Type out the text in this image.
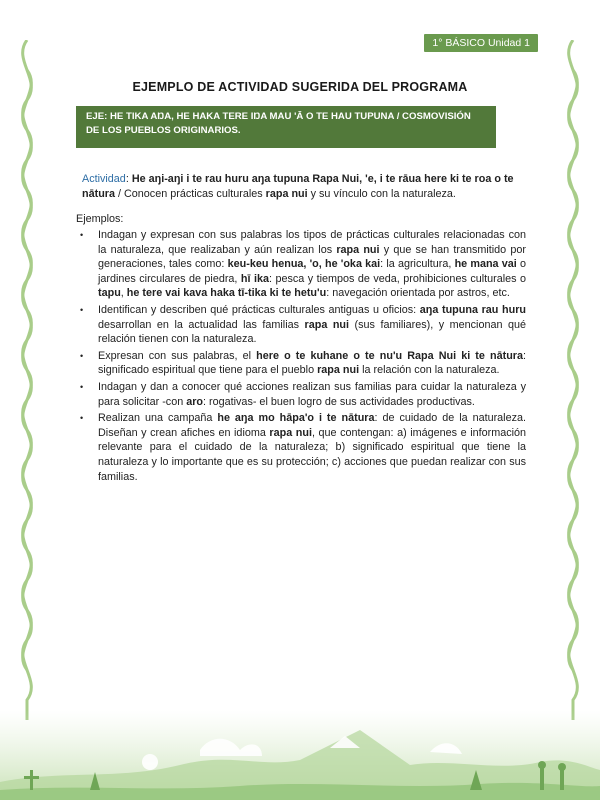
1° BÁSICO Unidad 1
EJEMPLO DE ACTIVIDAD SUGERIDA DEL PROGRAMA
EJE: HE TIKA AŊA, HE HAKA TERE IŊA MAU 'Ā O TE HAU TUPUNA / COSMOVISIÓN DE LOS PUEBLOS ORIGINARIOS.
Actividad: He aŋi-aŋi i te rau huru aŋa tupuna Rapa Nui, 'e, i te rāua here ki te roa o te nātura / Conocen prácticas culturales rapa nui y su vínculo con la naturaleza.
Ejemplos:
• Indagan y expresan con sus palabras los tipos de prácticas culturales relacionadas con la naturaleza, que realizaban y aún realizan los rapa nui y que se han transmitido por generaciones, tales como: keu-keu henua, 'o, he 'oka kai: la agricultura, he mana vai o jardines circulares de piedra, hī ika: pesca y tiempos de veda, prohibiciones culturales o tapu, he tere vai kava haka tī-tika ki te hetu'u: navegación orientada por astros, etc.
• Identifican y describen qué prácticas culturales antiguas u oficios: aŋa tupuna rau huru desarrollan en la actualidad las familias rapa nui (sus familiares), y mencionan qué relación tienen con la naturaleza.
• Expresan con sus palabras, el here o te kuhane o te nu'u Rapa Nui ki te nātura: significado espiritual que tiene para el pueblo rapa nui la relación con la naturaleza.
• Indagan y dan a conocer qué acciones realizan sus familias para cuidar la naturaleza y para solicitar -con aro: rogativas- el buen logro de sus actividades productivas.
• Realizan una campaña he aŋa mo hāpa'o i te nātura: de cuidado de la naturaleza. Diseñan y crean afiches en idioma rapa nui, que contengan: a) imágenes e información relevante para el cuidado de la naturaleza; b) significado espiritual que tiene la naturaleza y lo importante que es su protección; c) acciones que puedan realizar con sus familias.
